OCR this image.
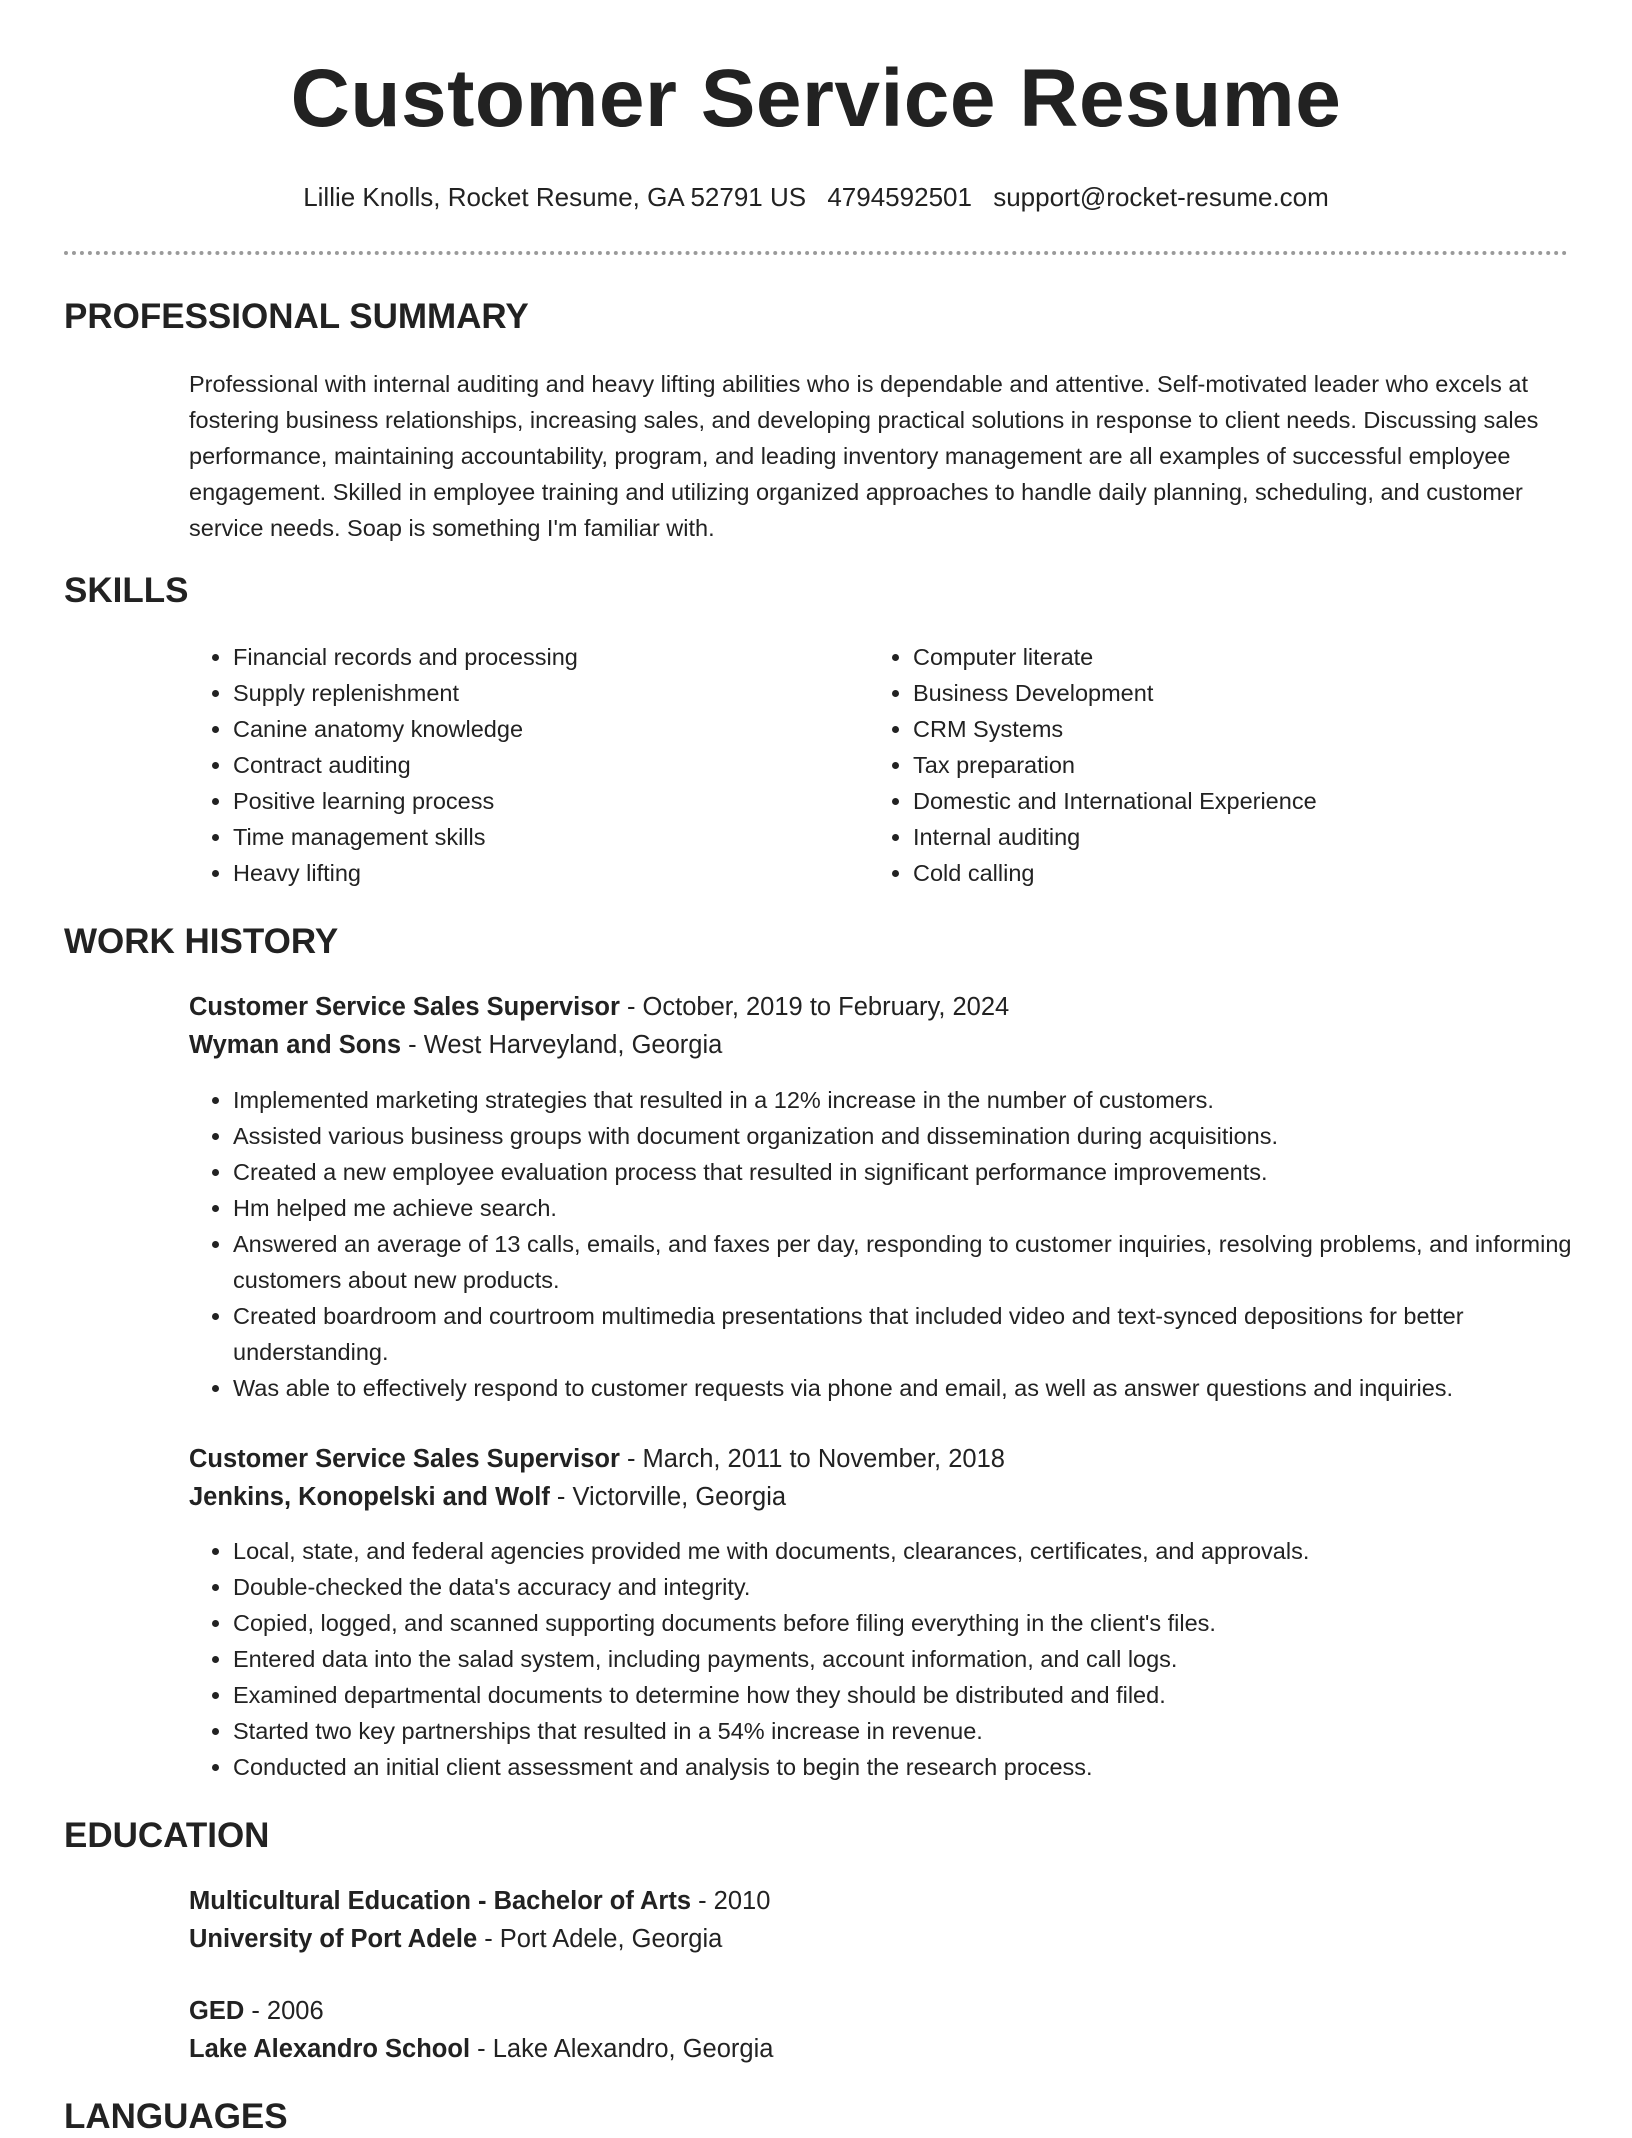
Customer Service Resume
Lillie Knolls, Rocket Resume, GA 52791 US 4794592501 support@rocket-resume.com
PROFESSIONAL SUMMARY

Professional with internal auditing and heavy lifting abilities who is dependable and attentive. Self-motivated leader who excels at fostering business relationships, increasing sales, and developing practical solutions in response to client needs. Discussing sales performance, maintaining accountability, program, and leading inventory management are all examples of successful employee engagement. Skilled in employee training and utilizing organized approaches to handle daily planning, scheduling, and customer service needs. Soap is something I'm familiar with.

SKILLS
• Financial records and processing
• Supply replenishment
• Canine anatomy knowledge
• Contract auditing
• Positive learning process
• Time management skills
• Heavy lifting
• Computer literate
• Business Development
• CRM Systems
• Tax preparation
• Domestic and International Experience
• Internal auditing
• Cold calling
WORK HISTORY
Customer Service Sales Supervisor - October, 2019 to February, 2024
Wyman and Sons - West Harveyland, Georgia
• Implemented marketing strategies that resulted in a 12% increase in the number of customers.
• Assisted various business groups with document organization and dissemination during acquisitions.
• Created a new employee evaluation process that resulted in significant performance improvements.
• Hm helped me achieve search.
• Answered an average of 13 calls, emails, and faxes per day, responding to customer inquiries, resolving problems, and informing customers about new products.
• Created boardroom and courtroom multimedia presentations that included video and text-synced depositions for better understanding.
• Was able to effectively respond to customer requests via phone and email, as well as answer questions and inquiries.
Customer Service Sales Supervisor - March, 2011 to November, 2018
Jenkins, Konopelski and Wolf - Victorville, Georgia
• Local, state, and federal agencies provided me with documents, clearances, certificates, and approvals.
• Double-checked the data's accuracy and integrity.
• Copied, logged, and scanned supporting documents before filing everything in the client's files.
• Entered data into the salad system, including payments, account information, and call logs.
• Examined departmental documents to determine how they should be distributed and filed.
• Started two key partnerships that resulted in a 54% increase in revenue.
• Conducted an initial client assessment and analysis to begin the research process.
EDUCATION
Multicultural Education - Bachelor of Arts - 2010
University of Port Adele - Port Adele, Georgia
GED - 2006
Lake Alexandro School - Lake Alexandro, Georgia
LANGUAGES
